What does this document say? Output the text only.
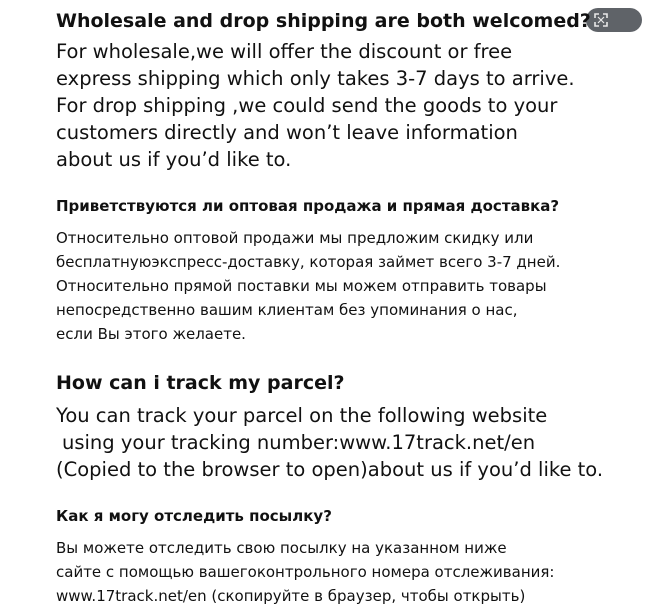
Wholesale and drop shipping are both welcomed?
For wholesale,we will offer the discount or free
express shipping which only takes 3-7 days to arrive.
For drop shipping ,we could send the goods to your
customers directly and won’t leave information
about us if you’d like to.
Приветствуются ли оптовая продажа и прямая доставка?
Относительно оптовой продажи мы предложим скидку или
бесплатнуюэкспресс-доставку, которая займет всего 3-7 дней.
Относительно прямой поставки мы можем отправить товары
непосредственно вашим клиентам без упоминания о нас,
если Вы этого желаете.
How can i track my parcel?
You can track your parcel on the following website
using your tracking number:www.17track.net/en
(Copied to the browser to open)about us if you’d like to.
Как я могу отследить посылку?
Вы можете отследить свою посылку на указанном ниже
сайте с помощью вашегоконтрольного номера отслеживания:
www.17track.net/en (скопируйте в браузер, чтобы открыть)
